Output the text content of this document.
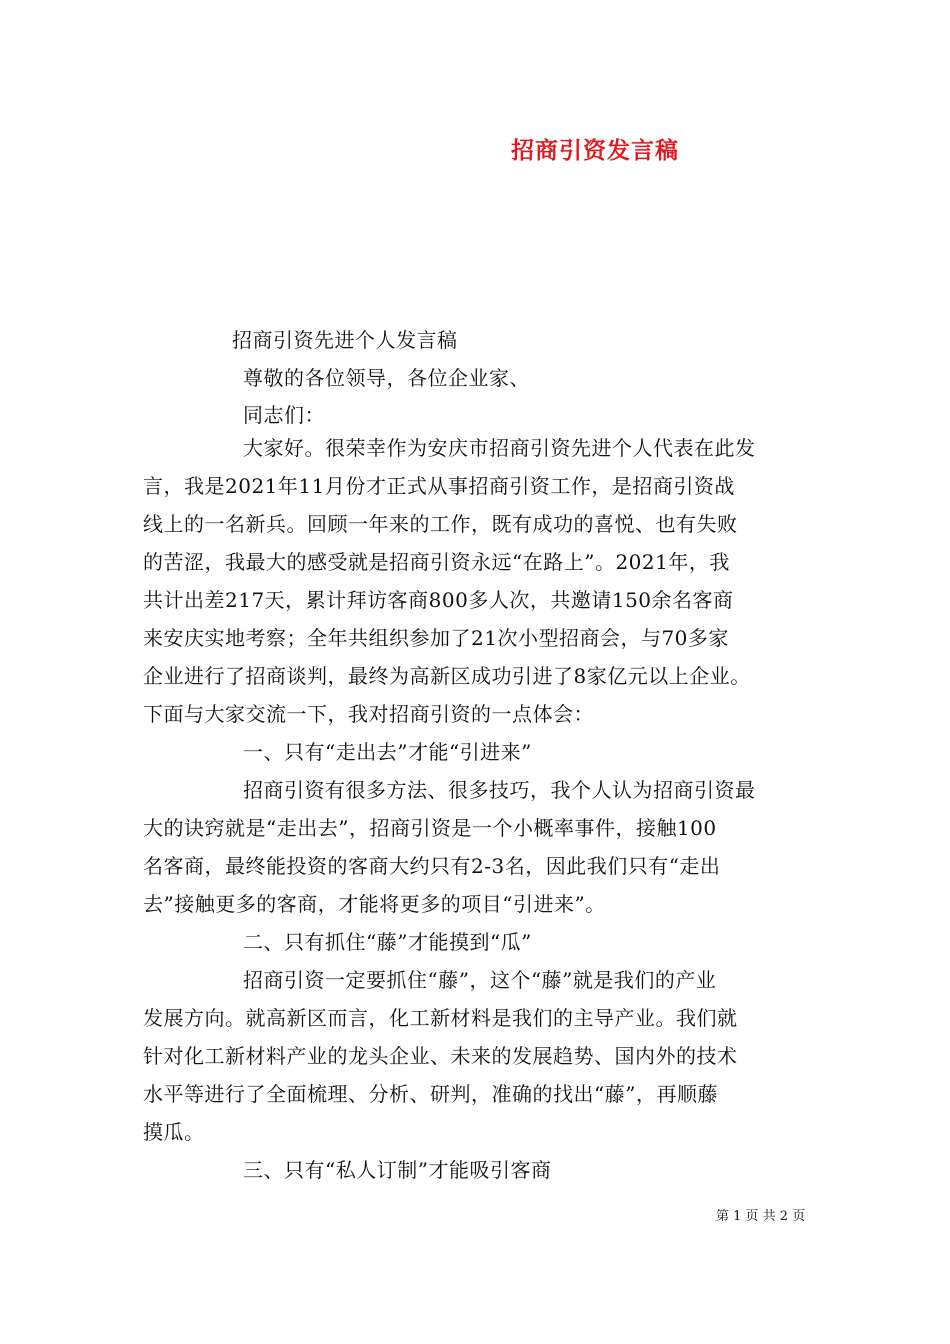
招商引资发言稿
招商引资先进个人发言稿
尊敬的各位领导，各位企业家、
同志们：
大家好。很荣幸作为安庆市招商引资先进个人代表在此发
言，我是2021年11月份才正式从事招商引资工作，是招商引资战
线上的一名新兵。回顾一年来的工作，既有成功的喜悦、也有失败
的苦涩，我最大的感受就是招商引资永远“在路上”。2021年，我
共计出差217天，累计拜访客商800多人次，共邀请150余名客商
来安庆实地考察；全年共组织参加了21次小型招商会，与70多家
企业进行了招商谈判，最终为高新区成功引进了8家亿元以上企业。
下面与大家交流一下，我对招商引资的一点体会：
一、只有“走出去”才能“引进来”
招商引资有很多方法、很多技巧，我个人认为招商引资最
大的诀窍就是“走出去”，招商引资是一个小概率事件，接触100
名客商，最终能投资的客商大约只有2-3名，因此我们只有“走出
去”接触更多的客商，才能将更多的项目“引进来”。
二、只有抓住“藤”才能摸到“瓜”
招商引资一定要抓住“藤”，这个“藤”就是我们的产业
发展方向。就高新区而言，化工新材料是我们的主导产业。我们就
针对化工新材料产业的龙头企业、未来的发展趋势、国内外的技术
水平等进行了全面梳理、分析、研判，准确的找出“藤”，再顺藤
摸瓜。
三、只有“私人订制”才能吸引客商
第 1 页 共 2 页
